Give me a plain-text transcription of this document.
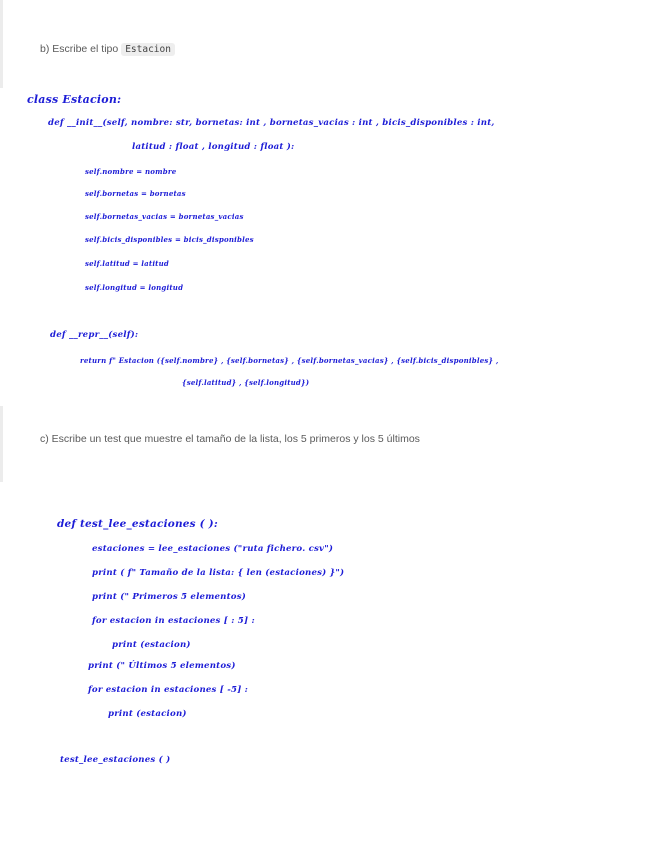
b) Escribe el tipo Estacion

class Estacion:

def __init__(self, nombre: str, bornetas: int , bornetas_vacias : int , bicis_disponibles : int,

latitud : float , longitud : float ):

self.nombre = nombre

self.bornetas = bornetas

self.bornetas_vacias = bornetas_vacias

self.bicis_disponibles = bicis_disponibles

self.latitud = latitud

self.longitud = longitud

def __repr__(self):

return f" Estacion ({self.nombre} , {self.bornetas} , {self.bornetas_vacias} , {self.bicis_disponibles} ,

{self.latitud} , {self.longitud})

c) Escribe un test que muestre el tamaño de la lista, los 5 primeros y los 5 últimos

def test_lee_estaciones ( ):

estaciones = lee_estaciones ("ruta fichero. csv")

print ( f" Tamaño de la lista: { len (estaciones) }")

print (" Primeros 5 elementos)

for estacion in estaciones [ : 5] :

print (estacion)

print (" Últimos 5 elementos)

for estacion in estaciones [ -5] :

print (estacion)

test_lee_estaciones ( )
